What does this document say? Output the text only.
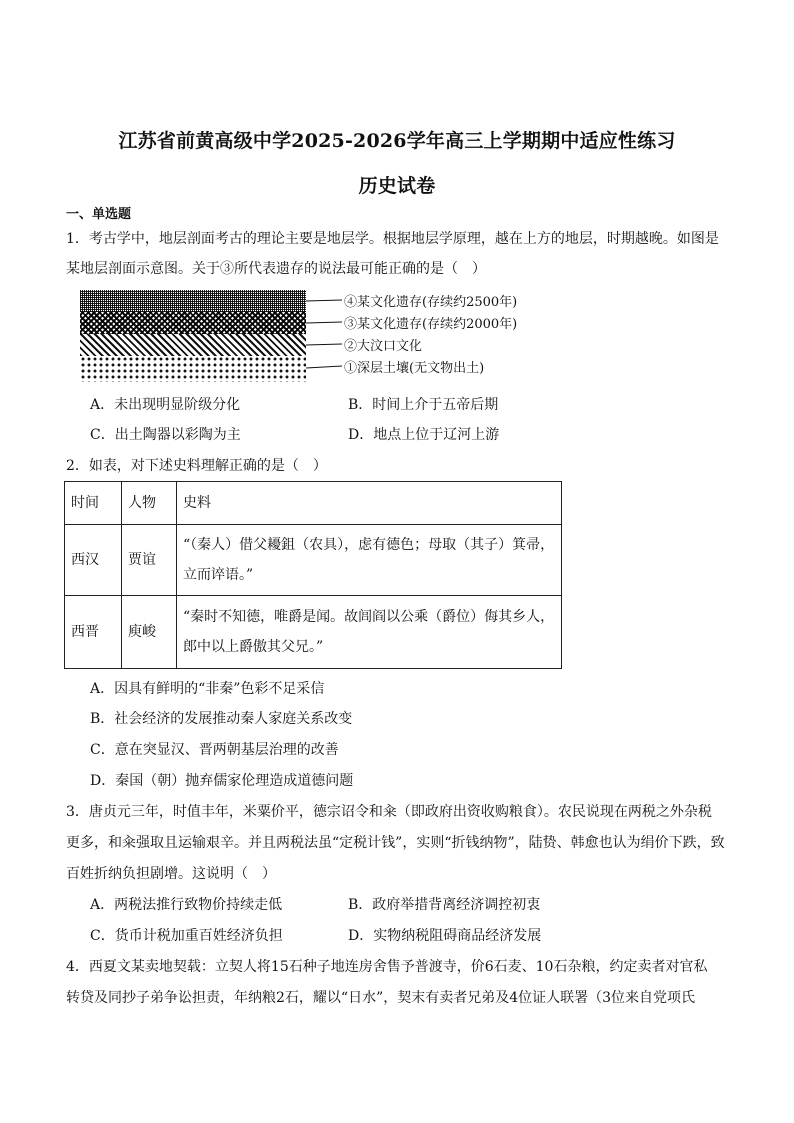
江苏省前黄高级中学2025-2026学年高三上学期期中适应性练习
历史试卷
一、单选题
1．考古学中，地层剖面考古的理论主要是地层学。根据地层学原理，越在上方的地层，时期越晚。如图是
某地层剖面示意图。关于③所代表遗存的说法最可能正确的是（　）
④某文化遗存(存续约2500年)
③某文化遗存(存续约2000年)
②大汶口文化
①深层土壤(无文物出土)
A．未出现明显阶级分化	B．时间上介于五帝后期
C．出土陶器以彩陶为主	D．地点上位于辽河上游
2．如表，对下述史料理解正确的是（　）
时间	人物	史料
西汉	贾谊	“（秦人）借父耰鉏（农具），虑有德色；母取（其子）箕帚，
立而谇语。”

西晋	庾峻	“秦时不知德，唯爵是闻。故闾阎以公乘（爵位）侮其乡人，
郎中以上爵傲其父兄。”
A．因具有鲜明的“非秦”色彩不足采信
B．社会经济的发展推动秦人家庭关系改变
C．意在突显汉、晋两朝基层治理的改善
D．秦国（朝）抛弃儒家伦理造成道德问题
3．唐贞元三年，时值丰年，米粟价平，德宗诏令和籴（即政府出资收购粮食）。农民说现在两税之外杂税
更多，和籴强取且运输艰辛。并且两税法虽“定税计钱”，实则“折钱纳物”，陆贽、韩愈也认为绢价下跌，致
百姓折纳负担剧增。这说明（　）
A．两税法推行致物价持续走低	B．政府举措背离经济调控初衷
C．货币计税加重百姓经济负担	D．实物纳税阻碍商品经济发展
4．西夏文某卖地契载：立契人将15石种子地连房舍售予普渡寺，价6石麦、10石杂粮，约定卖者对官私
转贷及同抄子弟争讼担责，年纳粮2石，耀以“日水”，契末有卖者兄弟及4位证人联署（3位来自党项氏
